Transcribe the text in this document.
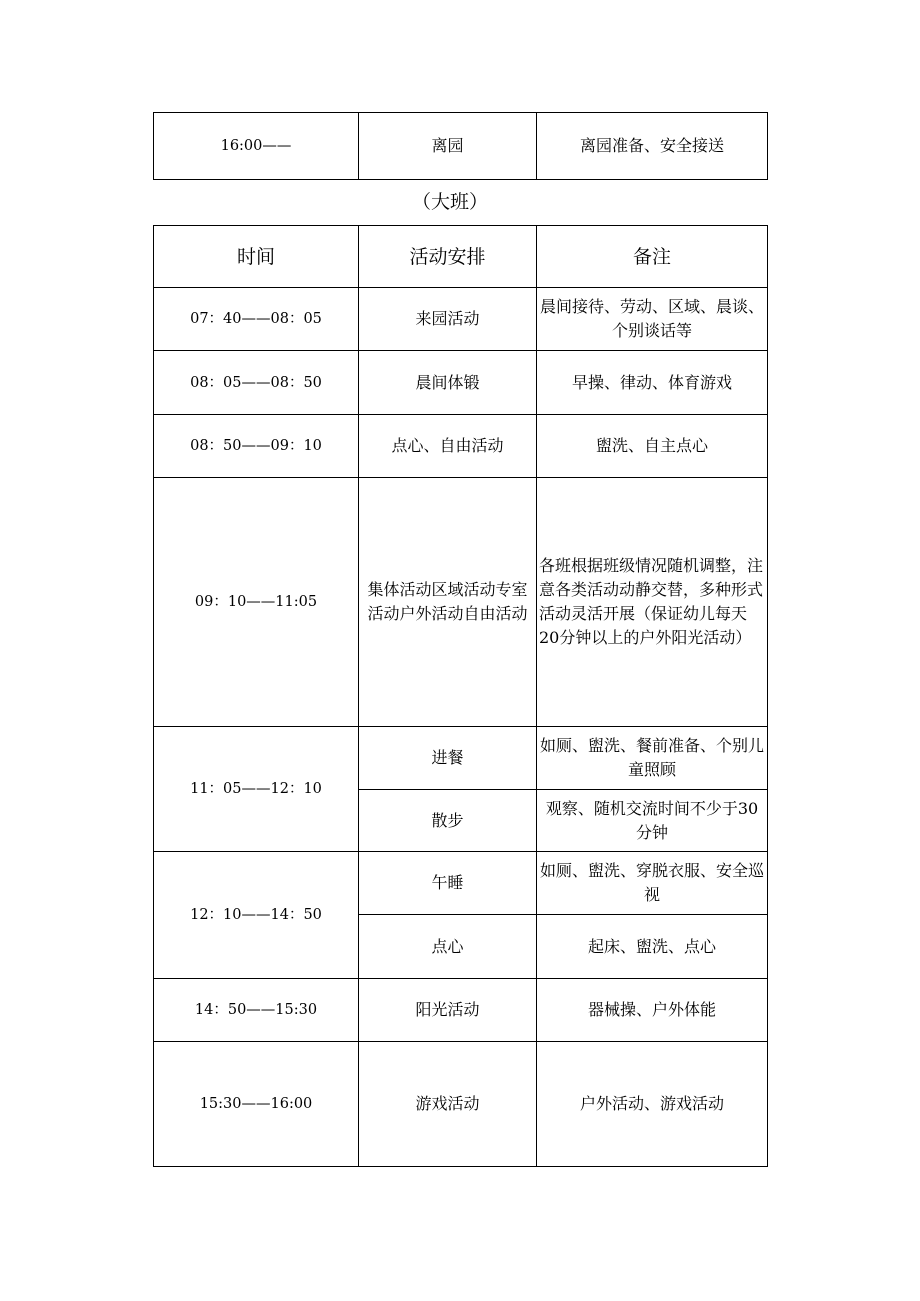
16:00——	离园	离园准备、安全接送
（大班）
时间	活动安排	备注
07：40——08：05	来园活动	晨间接待、劳动、区域、晨谈、个别谈话等
08：05——08：50	晨间体锻	早操、律动、体育游戏
08：50——09：10	点心、自由活动	盥洗、自主点心
09：10——11:05	集体活动区域活动专室活动户外活动自由活动	各班根据班级情况随机调整，注意各类活动动静交替，多种形式活动灵活开展（保证幼儿每天20分钟以上的户外阳光活动）
11：05——12：10	进餐	如厕、盥洗、餐前准备、个别儿童照顾
	散步	观察、随机交流时间不少于30分钟
12：10——14：50	午睡	如厕、盥洗、穿脱衣服、安全巡视
	点心	起床、盥洗、点心
14：50——15:30	阳光活动	器械操、户外体能
15:30——16:00	游戏活动	户外活动、游戏活动
